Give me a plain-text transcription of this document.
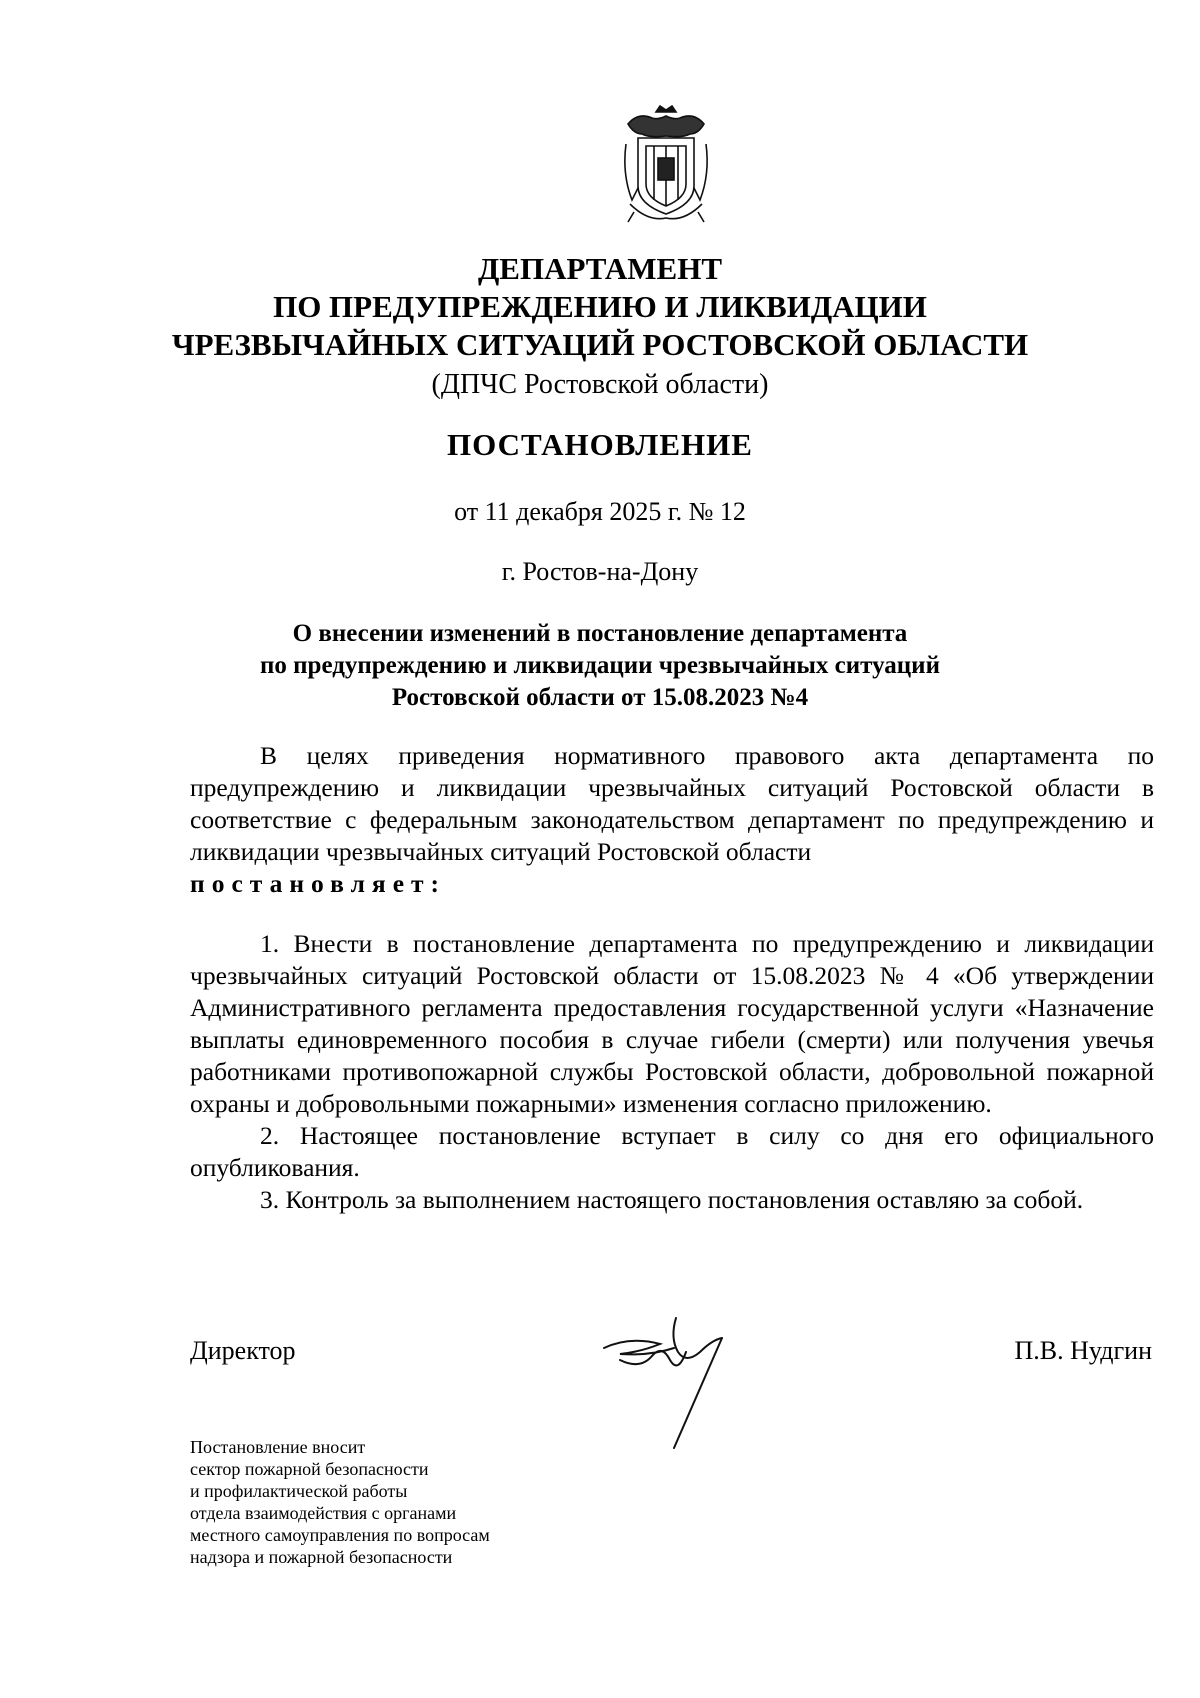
ДЕПАРТАМЕНТ
ПО ПРЕДУПРЕЖДЕНИЮ И ЛИКВИДАЦИИ
ЧРЕЗВЫЧАЙНЫХ СИТУАЦИЙ РОСТОВСКОЙ ОБЛАСТИ
(ДПЧС Ростовской области)
ПОСТАНОВЛЕНИЕ
от 11 декабря 2025 г. № 12
г. Ростов-на-Дону
О внесении изменений в постановление департамента
по предупреждению и ликвидации чрезвычайных ситуаций
Ростовской области от 15.08.2023 №4

В целях приведения нормативного правового акта департамента по предупреждению и ликвидации чрезвычайных ситуаций Ростовской области в соответствие с федеральным законодательством департамент по предупреждению и ликвидации чрезвычайных ситуаций Ростовской области
постановляет:

1. Внести в постановление департамента по предупреждению и ликвидации чрезвычайных ситуаций Ростовской области от 15.08.2023 № 4 «Об утверждении Административного регламента предоставления государственной услуги «Назначение выплаты единовременного пособия в случае гибели (смерти) или получения увечья работниками противопожарной службы Ростовской области, добровольной пожарной охраны и добровольными пожарными» изменения согласно приложению.

2. Настоящее постановление вступает в силу со дня его официального опубликования.

3. Контроль за выполнением настоящего постановления оставляю за собой.

Директор	П.В. Нудгин
Постановление вносит
сектор пожарной безопасности
и профилактической работы
отдела взаимодействия с органами
местного самоуправления по вопросам
надзора и пожарной безопасности
